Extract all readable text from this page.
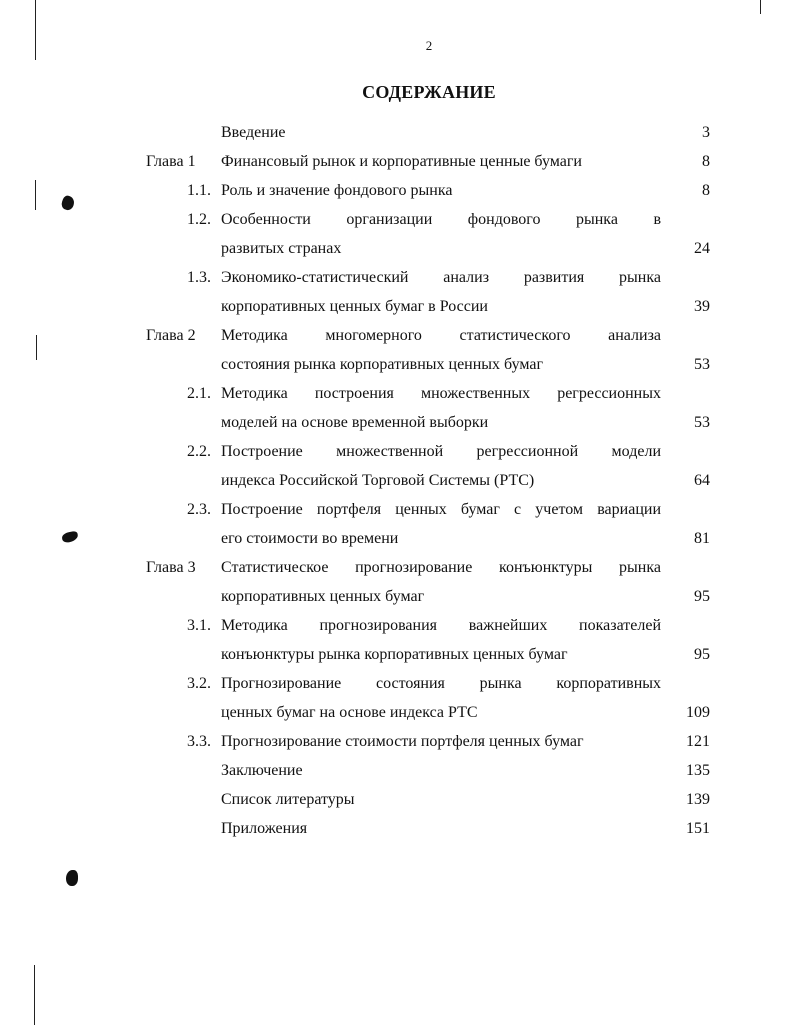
2
СОДЕРЖАНИЕ
Введение	3
Глава 1	Финансовый рынок и корпоративные ценные бумаги	8
1.1. Роль и значение фондового рынка	8
1.2. Особенности организации фондового рынка в
развитых странах	24
1.3. Экономико-статистический анализ развития рынка
корпоративных ценных бумаг в России	39
Глава 2	Методика многомерного статистического анализа
состояния рынка корпоративных ценных бумаг	53
2.1. Методика построения множественных регрессионных
моделей на основе временной выборки	53
2.2. Построение множественной регрессионной модели
индекса Российской Торговой Системы (РТС)	64
2.3. Построение портфеля ценных бумаг с учетом вариации
его стоимости во времени	81
Глава 3	Статистическое прогнозирование конъюнктуры рынка
корпоративных ценных бумаг	95
3.1. Методика прогнозирования важнейших показателей
конъюнктуры рынка корпоративных ценных бумаг	95
3.2. Прогнозирование состояния рынка корпоративных
ценных бумаг на основе индекса РТС	109
3.3. Прогнозирование стоимости портфеля ценных бумаг	121
Заключение	135
Список литературы	139
Приложения	151
